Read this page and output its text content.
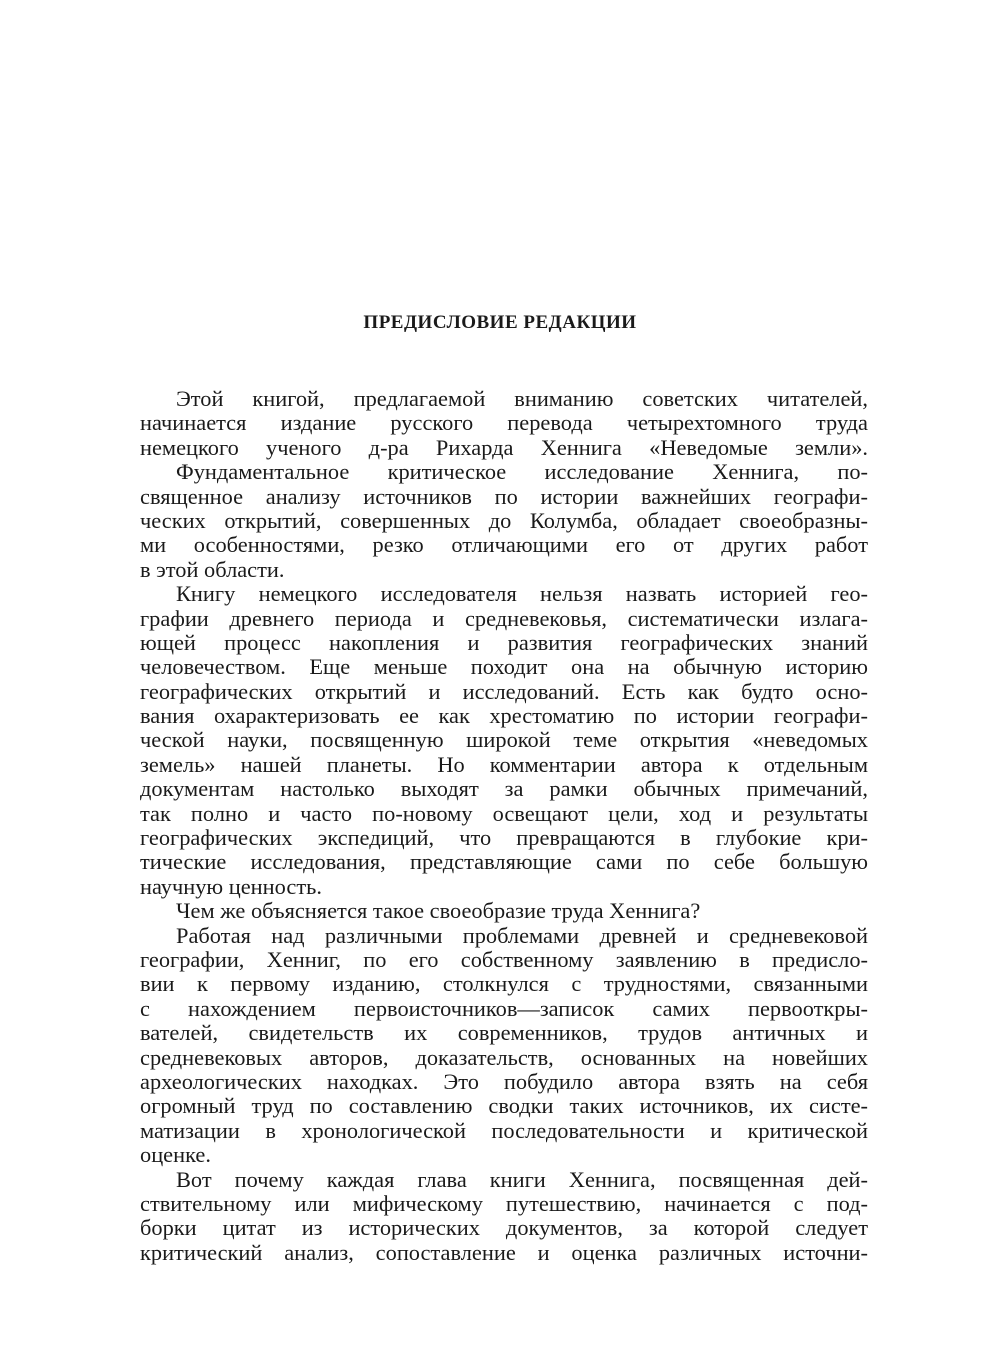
ПРЕДИСЛОВИЕ РЕДАКЦИИ
Этой книгой, предлагаемой вниманию советских читателей,
начинается издание русского перевода четырехтомного труда
немецкого ученого д-ра Рихарда Хеннига «Неведомые земли».
Фундаментальное критическое исследование Хеннига, по-
священное анализу источников по истории важнейших географи-
ческих открытий, совершенных до Колумба, обладает своеобразны-
ми особенностями, резко отличающими его от других работ
в этой области.
Книгу немецкого исследователя нельзя назвать историей гео-
графии древнего периода и средневековья, систематически излага-
ющей процесс накопления и развития географических знаний
человечеством. Еще меньше походит она на обычную историю
географических открытий и исследований. Есть как будто осно-
вания охарактеризовать ее как хрестоматию по истории географи-
ческой науки, посвященную широкой теме открытия «неведомых
земель» нашей планеты. Но комментарии автора к отдельным
документам настолько выходят за рамки обычных примечаний,
так полно и часто по-новому освещают цели, ход и результаты
географических экспедиций, что превращаются в глубокие кри-
тические исследования, представляющие сами по себе большую
научную ценность.
Чем же объясняется такое своеобразие труда Хеннига?
Работая над различными проблемами древней и средневековой
географии, Хенниг, по его собственному заявлению в предисло-
вии к первому изданию, столкнулся с трудностями, связанными
с нахождением первоисточников—записок самих первооткры-
вателей, свидетельств их современников, трудов античных и
средневековых авторов, доказательств, основанных на новейших
археологических находках. Это побудило автора взять на себя
огромный труд по составлению сводки таких источников, их систе-
матизации в хронологической последовательности и критической
оценке.
Вот почему каждая глава книги Хеннига, посвященная дей-
ствительному или мифическому путешествию, начинается с под-
борки цитат из исторических документов, за которой следует
критический анализ, сопоставление и оценка различных источни-
